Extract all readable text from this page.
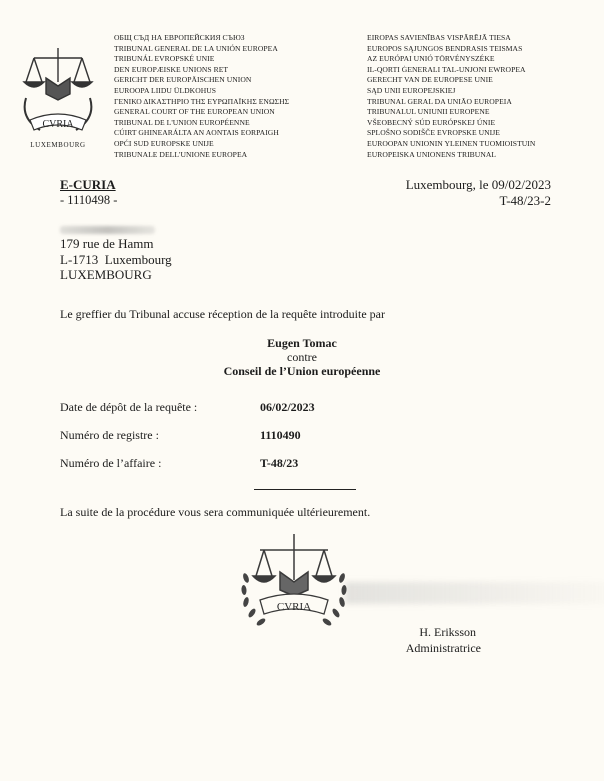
CVRIA
LUXEMBOURG
ОБЩ СЪД НА ЕВРОПЕЙСКИЯ СЪЮЗ
TRIBUNAL GENERAL DE LA UNIÓN EUROPEA
TRIBUNÁL EVROPSKÉ UNIE
DEN EUROPÆISKE UNIONS RET
GERICHT DER EUROPÄISCHEN UNION
EUROOPA LIIDU ÜLDKOHUS
ΓΕΝΙΚΟ ΔΙΚΑΣΤΗΡΙΟ ΤΗΣ ΕΥΡΩΠΑΪΚΗΣ ΕΝΩΣΗΣ
GENERAL COURT OF THE EUROPEAN UNION
TRIBUNAL DE L'UNION EUROPÉENNE
CÚIRT GHINEARÁLTA AN AONTAIS EORPAIGH
OPĆI SUD EUROPSKE UNIJE
TRIBUNALE DELL'UNIONE EUROPEA
EIROPAS SAVIENĪBAS VISPĀRĒJĀ TIESA
EUROPOS SĄJUNGOS BENDRASIS TEISMAS
AZ EURÓPAI UNIÓ TÖRVÉNYSZÉKE
IL-QORTI ĠENERALI TAL-UNJONI EWROPEA
GERECHT VAN DE EUROPESE UNIE
SĄD UNII EUROPEJSKIEJ
TRIBUNAL GERAL DA UNIÃO EUROPEIA
TRIBUNALUL UNIUNII EUROPENE
VŠEOBECNÝ SÚD EURÓPSKEJ ÚNIE
SPLOŠNO SODIŠČE EVROPSKE UNIJE
EUROOPAN UNIONIN YLEINEN TUOMIOISTUIN
EUROPEISKA UNIONENS TRIBUNAL
E-CURIA
- 1110498 -
179 rue de Hamm
L-1713  Luxembourg
LUXEMBOURG
Luxembourg, le 09/02/2023
T-48/23-2
Le greffier du Tribunal accuse réception de la requête introduite par
Eugen Tomac
contre
Conseil de l’Union européenne
Date de dépôt de la requête :	06/02/2023
Numéro de registre :	1110490
Numéro de l’affaire :	T-48/23
La suite de la procédure vous sera communiquée ultérieurement.
CVRIA
H. Eriksson
Administratrice
